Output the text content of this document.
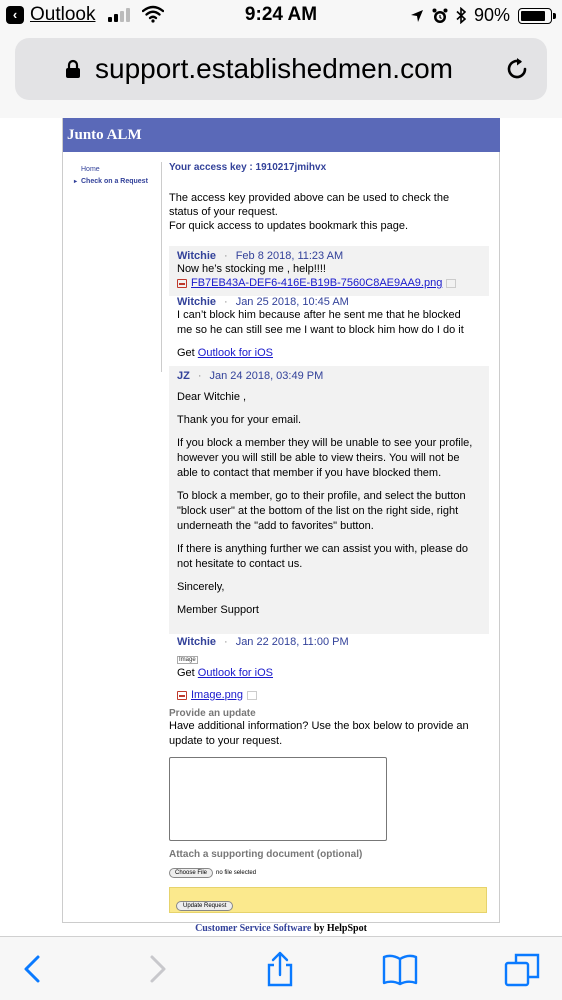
‹ Outlook	9:24 AM	90%
support.establishedmen.com
Junto ALM
Home
▸ Check on a Request
Your access key : 1910217jmihvx
The access key provided above can be used to check the
status of your request.
For quick access to updates bookmark this page.
Witchie · Feb 8 2018, 11:23 AM
Now he’s stocking me , help!!!!
FB7EB43A-DEF6-416E-B19B-7560C8AE9AA9.png
Witchie · Jan 25 2018, 10:45 AM
I can’t block him because after he sent me that he blocked
me so he can still see me I want to block him how do I do it
Get Outlook for iOS
JZ · Jan 24 2018, 03:49 PM

Dear Witchie ,

Thank you for your email.

If you block a member they will be unable to see your profile, however you will still be able to view theirs. You will not be able to contact that member if you have blocked them.

To block a member, go to their profile, and select the button "block user" at the bottom of the list on the right side, right underneath the "add to favorites" button.

If there is anything further we can assist you with, please do not hesitate to contact us.

Sincerely,

Member Support

Witchie · Jan 22 2018, 11:00 PM
Image
Get Outlook for iOS
Image.png
Provide an update
Have additional information? Use the box below to provide an
update to your request.
Attach a supporting document (optional)
Choose File no file selected
Update Request
Customer Service Software by HelpSpot
